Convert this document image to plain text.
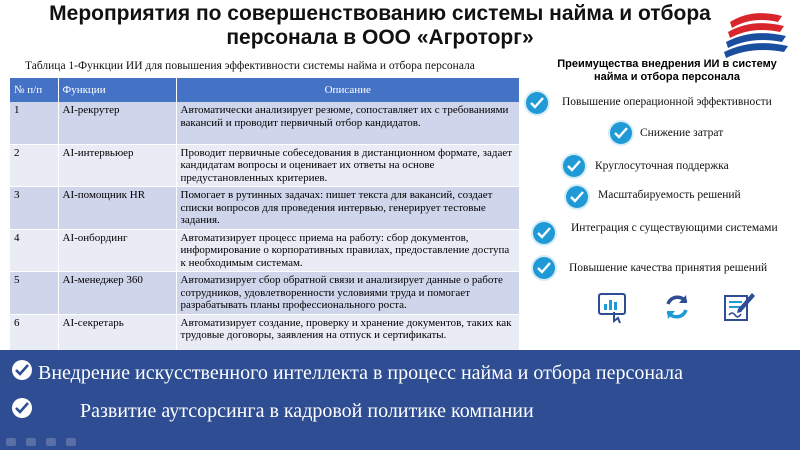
Мероприятия по совершенствованию системы найма и отбора персонала в ООО «Агроторг»
Таблица 1-Функции ИИ для повышения эффективности системы найма и отбора персонала
№ п/п	Функции	Описание
1	AI-рекрутер	Автоматически анализирует резюме, сопоставляет их с требованиями вакансий и проводит первичный отбор кандидатов.
2	AI-интервьюер	Проводит первичные собеседования в дистанционном формате, задает кандидатам вопросы и оценивает их ответы на основе предустановленных критериев.
3	AI-помощник HR	Помогает в рутинных задачах: пишет текста для вакансий, создает списки вопросов для проведения интервью, генерирует тестовые задания.
4	AI-онбординг	Автоматизирует процесс приема на работу: сбор документов, информирование о корпоративных правилах, предоставление доступа к необходимым системам.
5	AI-менеджер 360	Автоматизирует сбор обратной связи и анализирует данные о работе сотрудников, удовлетворенности условиями труда и помогает разрабатывать планы профессионального роста.
6	AI-секретарь	Автоматизирует создание, проверку и хранение документов, таких как трудовые договоры, заявления на отпуск и сертификаты.
Преимущества внедрения ИИ в систему найма и отбора персонала
Повышение операционной эффективности
Снижение затрат
Круглосуточная поддержка
Масштабируемость решений
Интеграция с существующими системами
Повышение качества принятия решений
Внедрение искусственного интеллекта в процесс найма и отбора персонала
Развитие аутсорсинга в кадровой политике компании
